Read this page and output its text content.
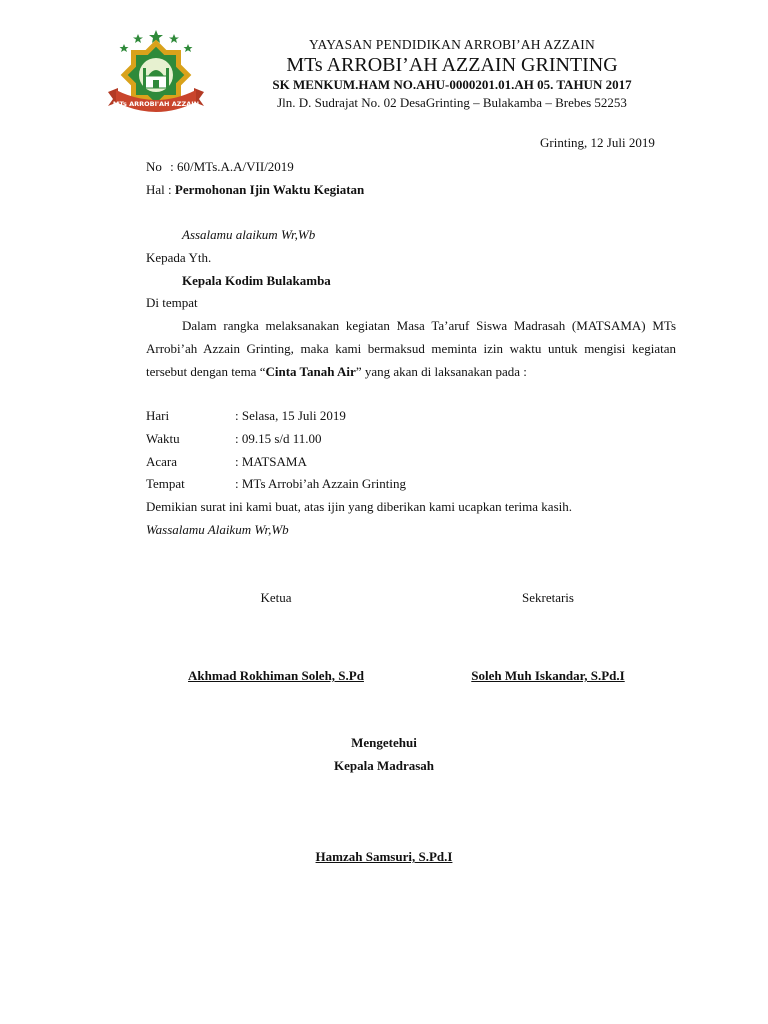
MTs ARROBI'AH AZZAIN
YAYASAN PENDIDIKAN ARROBI’AH AZZAIN
MTs ARROBI’AH AZZAIN GRINTING
SK MENKUM.HAM NO.AHU-0000201.01.AH 05. TAHUN 2017
Jln. D. Sudrajat No. 02 DesaGrinting – Bulakamba – Brebes 52253
Grinting, 12 Juli 2019
No : 60/MTs.A.A/VII/2019
Hal : Permohonan Ijin Waktu Kegiatan
Assalamu alaikum Wr,Wb
Kepada Yth.
Kepala Kodim Bulakamba
Di tempat
Dalam rangka melaksanakan kegiatan Masa Ta’aruf Siswa Madrasah (MATSAMA) MTs Arrobi’ah Azzain Grinting, maka kami bermaksud meminta izin waktu untuk mengisi kegiatan tersebut dengan tema “Cinta Tanah Air” yang akan di laksanakan pada :
Hari	: Selasa, 15 Juli 2019
Waktu	: 09.15 s/d 11.00
Acara	: MATSAMA
Tempat	: MTs Arrobi’ah Azzain Grinting
Demikian surat ini kami buat, atas ijin yang diberikan kami ucapkan terima kasih.
Wassalamu Alaikum Wr,Wb
Ketua	Sekretaris
Akhmad Rokhiman Soleh, S.Pd	Soleh Muh Iskandar, S.Pd.I
Mengetehui
Kepala Madrasah
Hamzah Samsuri, S.Pd.I
